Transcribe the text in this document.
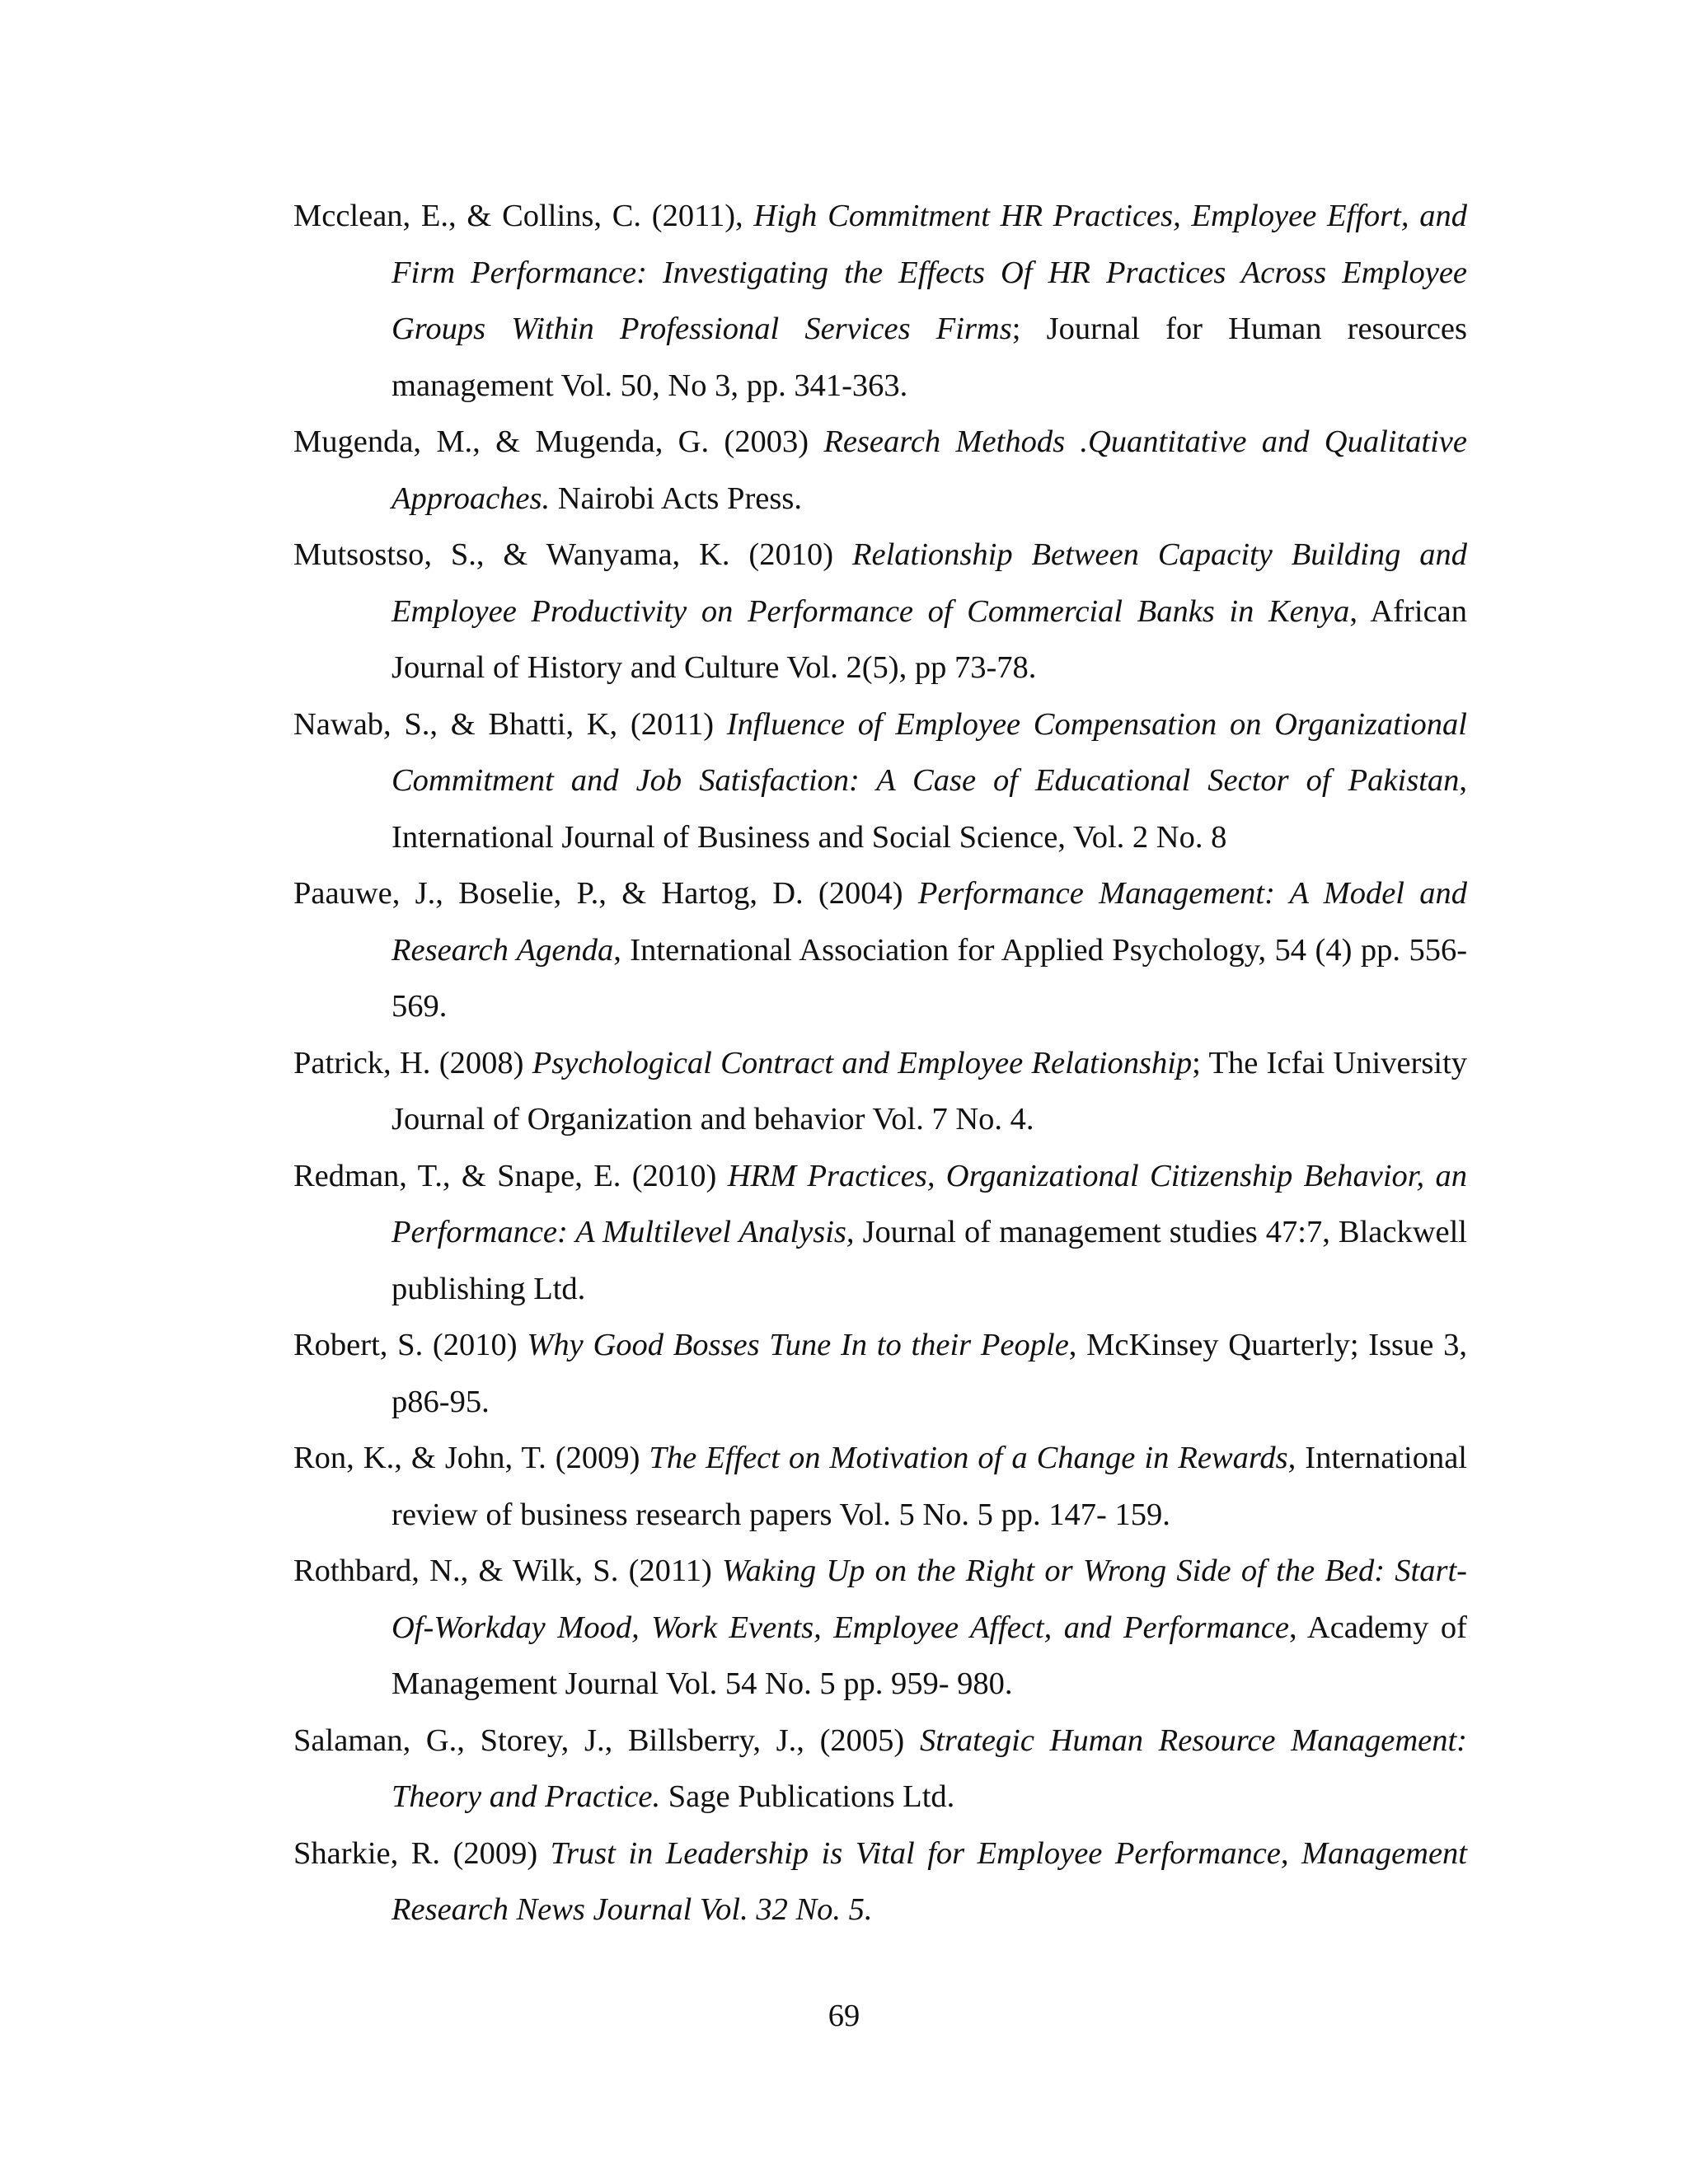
Mcclean, E., & Collins, C. (2011), High Commitment HR Practices, Employee Effort, and Firm Performance: Investigating the Effects Of HR Practices Across Employee Groups Within Professional Services Firms; Journal for Human resources management Vol. 50, No 3, pp. 341-363.

Mugenda, M., & Mugenda, G. (2003) Research Methods .Quantitative and Qualitative Approaches. Nairobi Acts Press.

Mutsostso, S., & Wanyama, K. (2010) Relationship Between Capacity Building and Employee Productivity on Performance of Commercial Banks in Kenya, African Journal of History and Culture Vol. 2(5), pp 73-78.

Nawab, S., & Bhatti, K, (2011) Influence of Employee Compensation on Organizational Commitment and Job Satisfaction: A Case of Educational Sector of Pakistan, International Journal of Business and Social Science, Vol. 2 No. 8

Paauwe, J., Boselie, P., & Hartog, D. (2004) Performance Management: A Model and Research Agenda, International Association for Applied Psychology, 54 (4) pp. 556-569.

Patrick, H. (2008) Psychological Contract and Employee Relationship; The Icfai University Journal of Organization and behavior Vol. 7 No. 4.

Redman, T., & Snape, E. (2010) HRM Practices, Organizational Citizenship Behavior, an Performance: A Multilevel Analysis, Journal of management studies 47:7, Blackwell publishing Ltd.

Robert, S. (2010) Why Good Bosses Tune In to their People, McKinsey Quarterly; Issue 3, p86-95.

Ron, K., & John, T. (2009) The Effect on Motivation of a Change in Rewards, International review of business research papers Vol. 5 No. 5 pp. 147- 159.

Rothbard, N., & Wilk, S. (2011) Waking Up on the Right or Wrong Side of the Bed: Start-Of-Workday Mood, Work Events, Employee Affect, and Performance, Academy of Management Journal Vol. 54 No. 5 pp. 959- 980.

Salaman, G., Storey, J., Billsberry, J., (2005) Strategic Human Resource Management: Theory and Practice. Sage Publications Ltd.

Sharkie, R. (2009) Trust in Leadership is Vital for Employee Performance, Management Research News Journal Vol. 32 No. 5.

69
